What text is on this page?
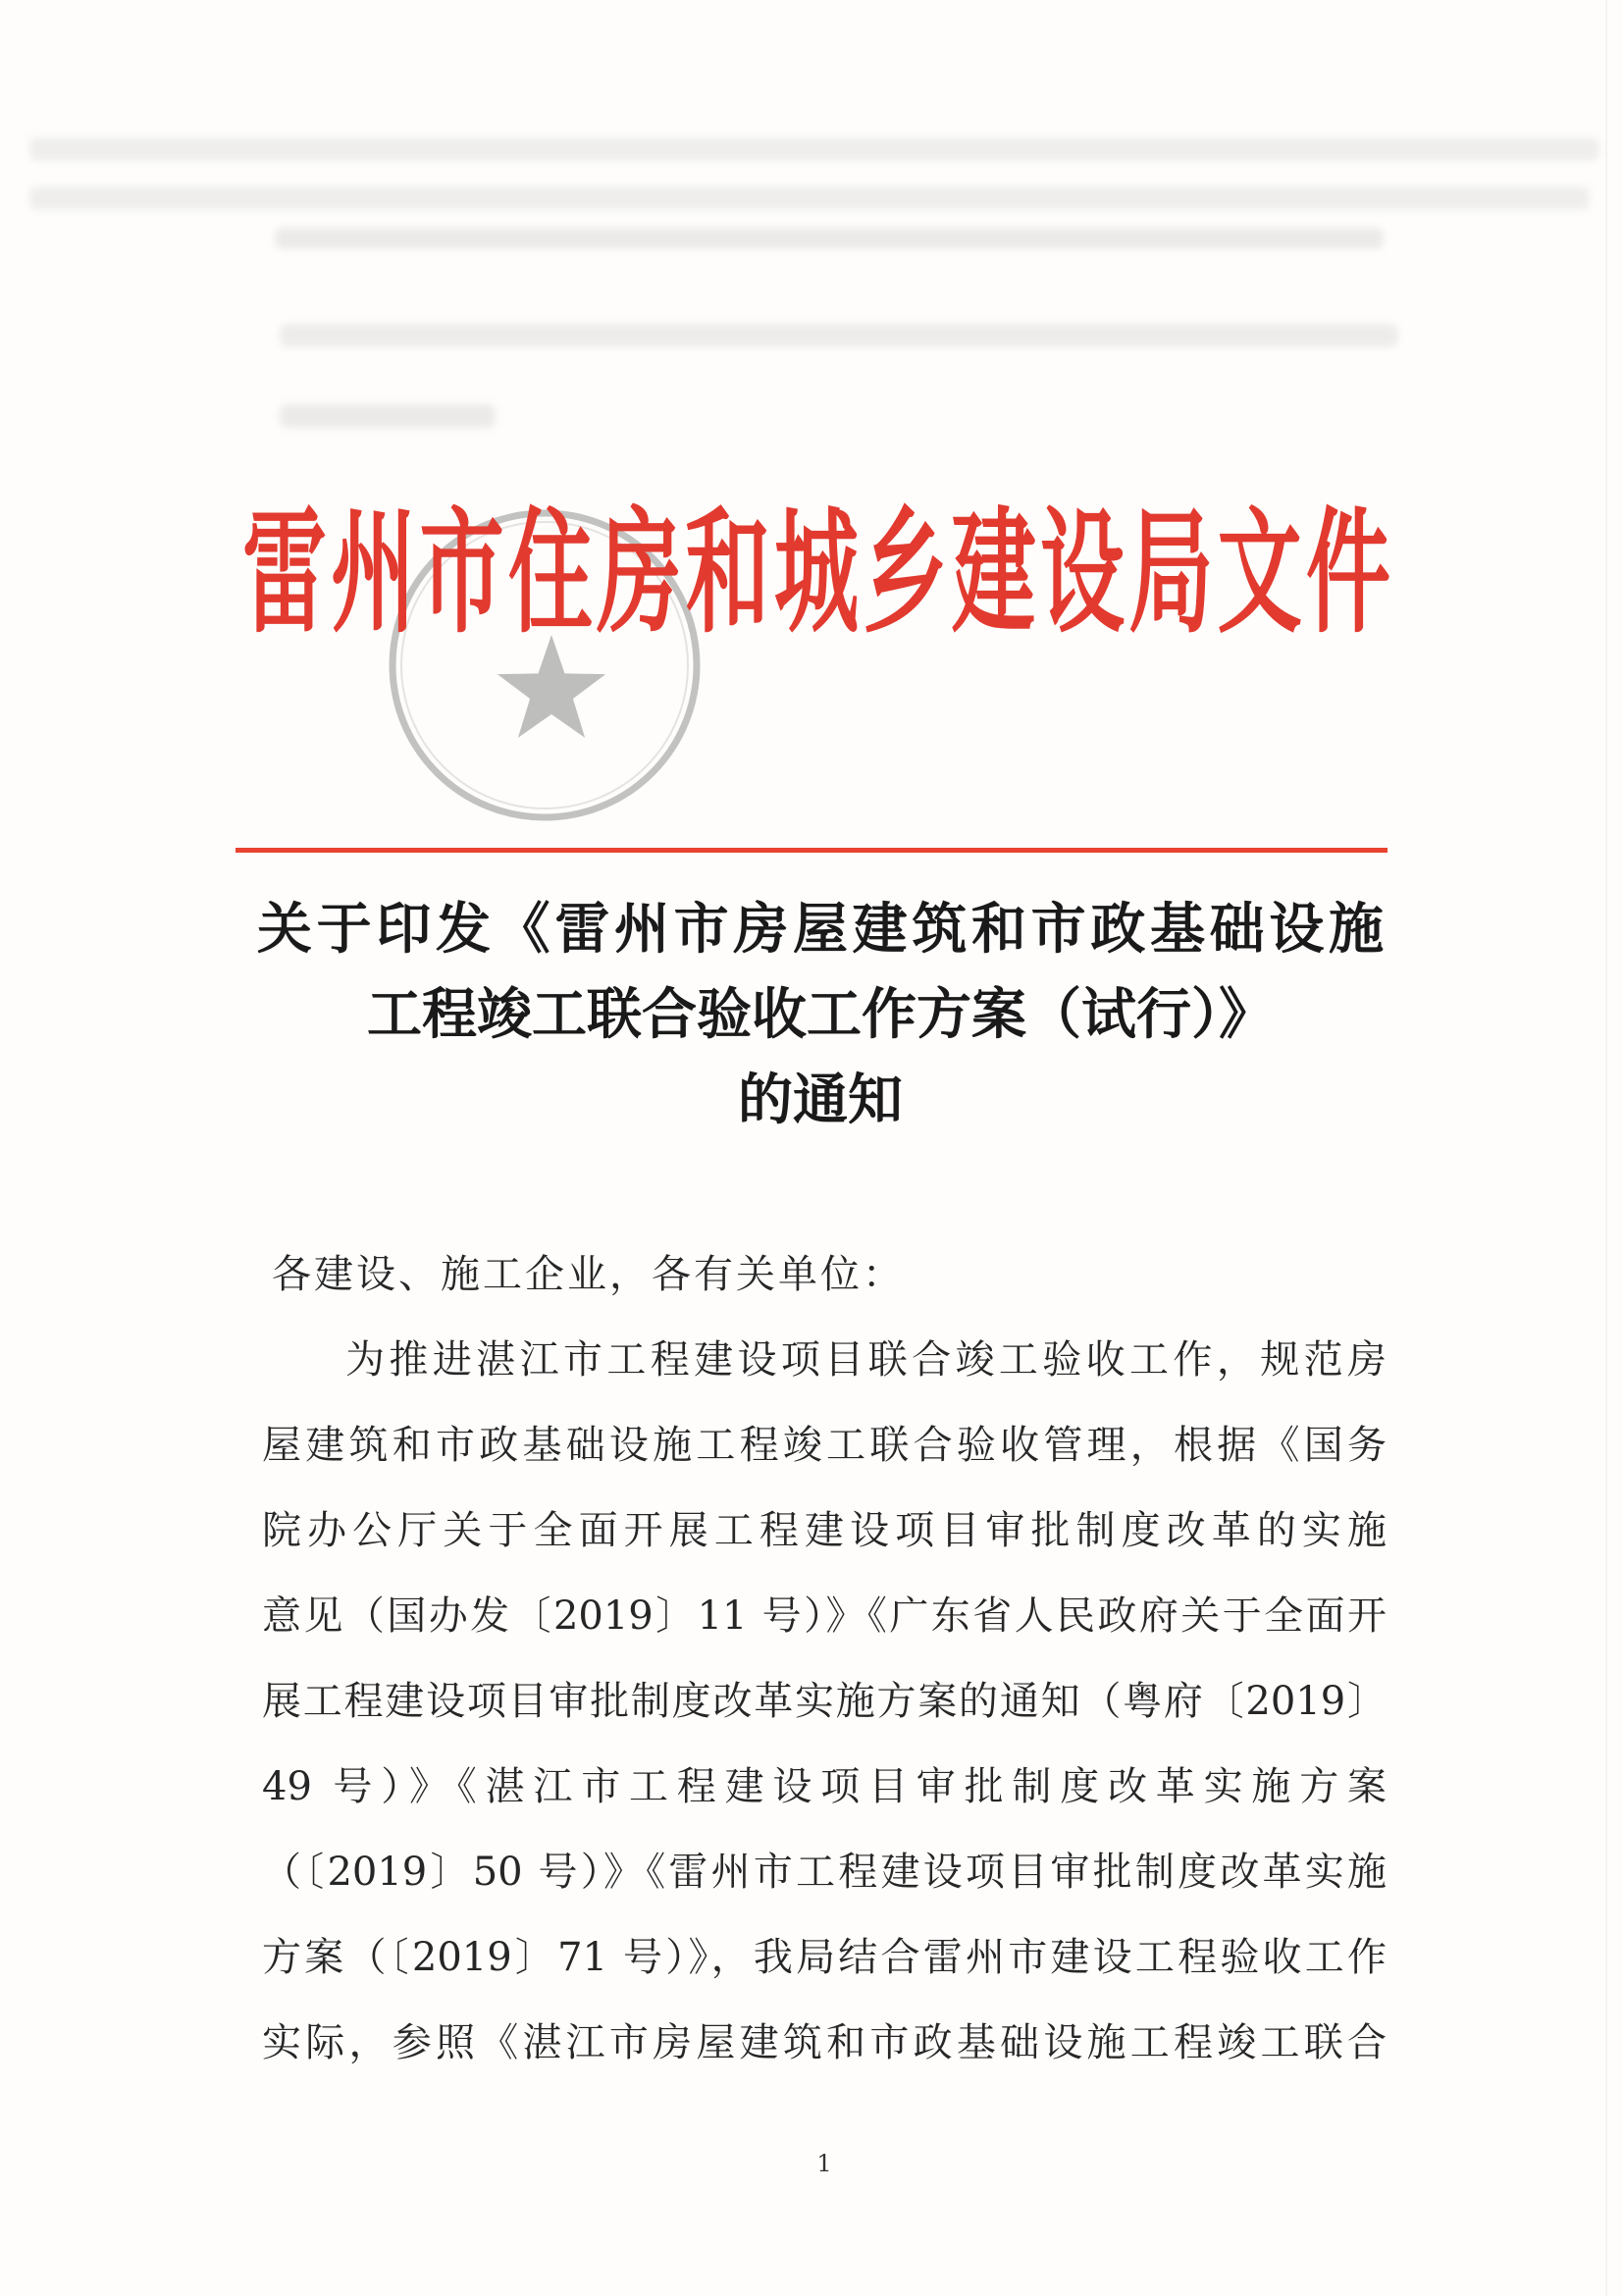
雷州市住房和城乡建设局文件
关于印发《雷州市房屋建筑和市政基础设施
工程竣工联合验收工作方案（试行）》
的通知
各建设、施工企业，各有关单位：
为推进湛江市工程建设项目联合竣工验收工作，规范房
屋建筑和市政基础设施工程竣工联合验收管理，根据《国务
院办公厅关于全面开展工程建设项目审批制度改革的实施
意见（国办发〔2019〕11 号）》《广东省人民政府关于全面开
展工程建设项目审批制度改革实施方案的通知（粤府〔2019〕
49 号）》《湛江市工程建设项目审批制度改革实施方案
（〔2019〕50 号）》《雷州市工程建设项目审批制度改革实施
方案（〔2019〕71 号）》，我局结合雷州市建设工程验收工作
实际，参照《湛江市房屋建筑和市政基础设施工程竣工联合
1
